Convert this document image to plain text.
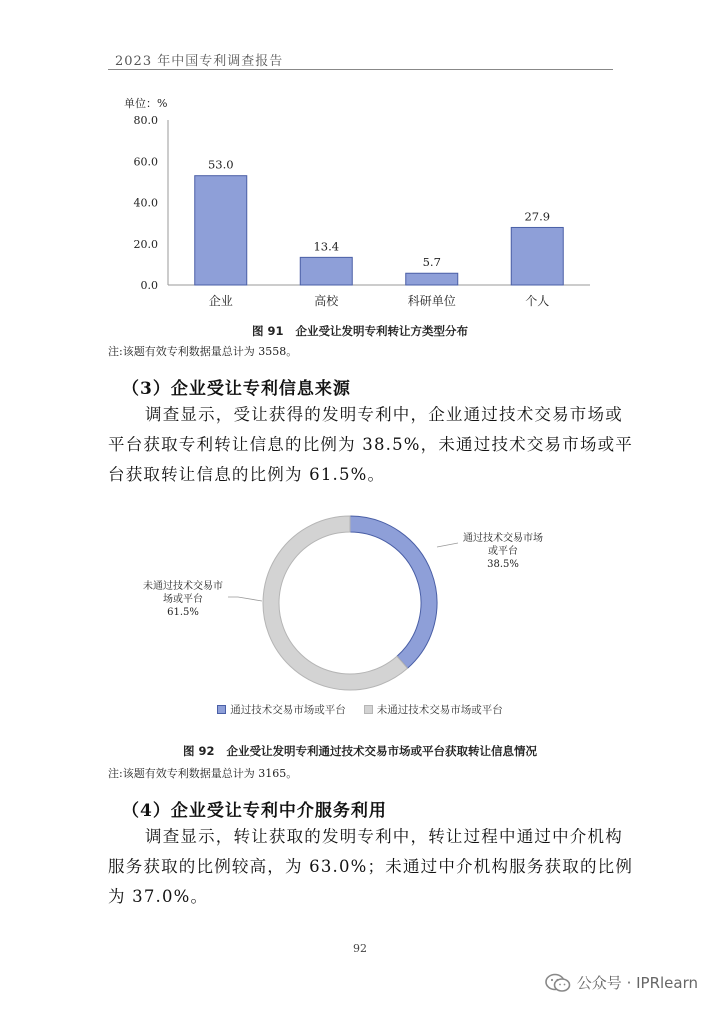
2023 年中国专利调查报告
单位：%
0.0
20.0
40.0
60.0
80.0
53.0
企业
13.4
高校
5.7
科研单位
27.9
个人
图 91   企业受让发明专利转让方类型分布
注:该题有效专利数据量总计为 3558。
（3）企业受让专利信息来源
调查显示，受让获得的发明专利中，企业通过技术交易市场或
平台获取专利转让信息的比例为 38.5%，未通过技术交易市场或平
台获取转让信息的比例为 61.5%。
通过技术交易市场
或平台
38.5%
未通过技术交易市
场或平台
61.5%
通过技术交易市场或平台	未通过技术交易市场或平台
图 92   企业受让发明专利通过技术交易市场或平台获取转让信息情况
注:该题有效专利数据量总计为 3165。
（4）企业受让专利中介服务利用
调查显示，转让获取的发明专利中，转让过程中通过中介机构
服务获取的比例较高，为 63.0%；未通过中介机构服务获取的比例
为 37.0%。
92
公众号 · IPRlearn
